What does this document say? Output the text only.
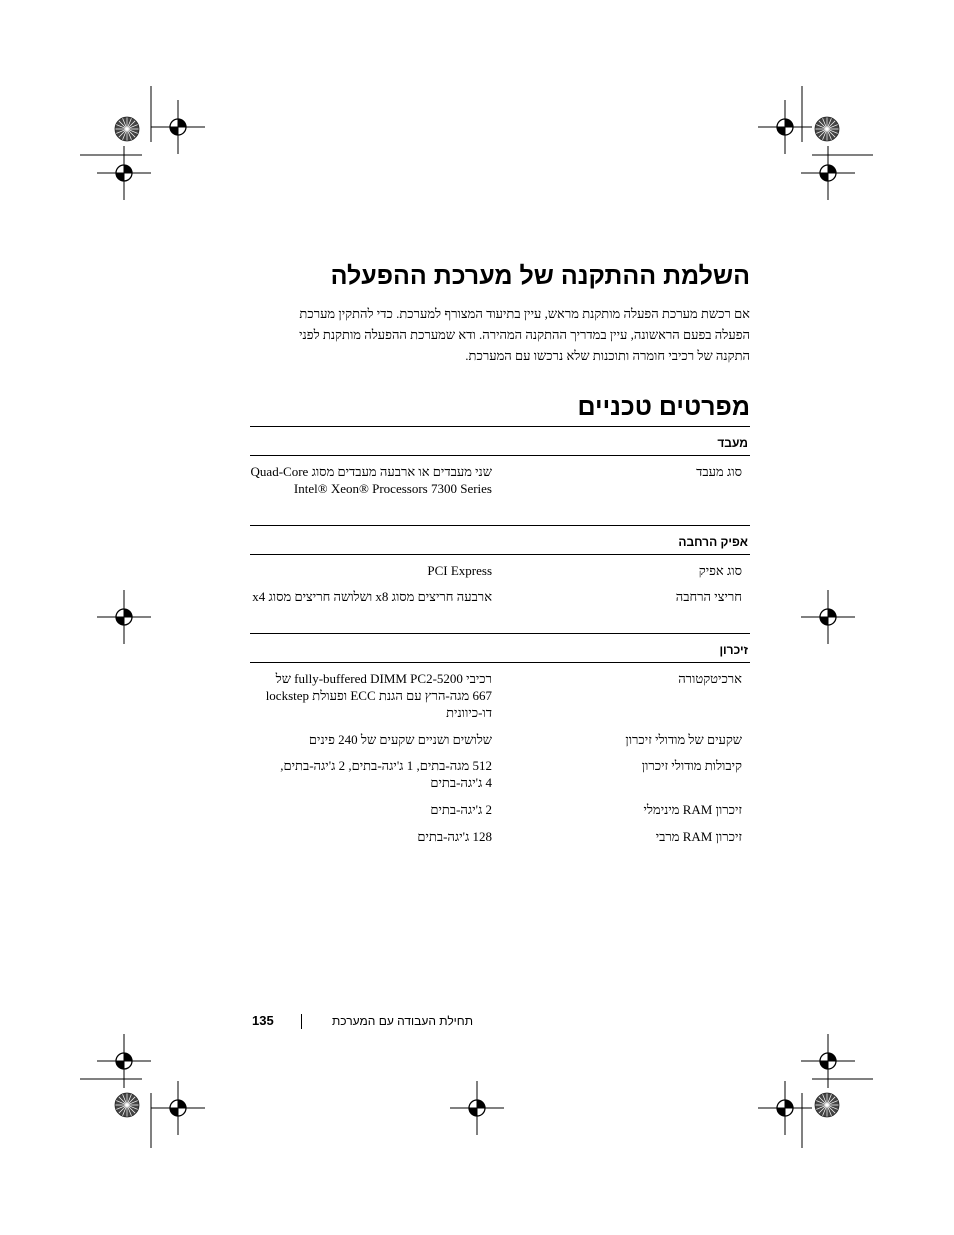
השלמת ההתקנה של מערכת ההפעלה

אם רכשת מערכת הפעלה מותקנת מראש, עיין בתיעוד המצורף למערכת. כדי להתקין מערכת
הפעלה בפעם הראשונה, עיין במדריך ההתקנה המהירה. ודא שמערכת ההפעלה מותקנת לפני
התקנה של רכיבי חומרה ותוכנות שלא נרכשו עם המערכת.

מפרטים טכניים
מעבד
סוג מעבד
שני מעבדים או ארבעה מעבדים מסוג Quad-Core
Intel® Xeon® Processors 7300 Series
אפיק הרחבה
סוג אפיק
PCI Express
חריצי הרחבה
ארבעה חריצים מסוג x8 ושלושה חריצים מסוג x4
זיכרון
ארכיטקטורה
רכיבי fully-buffered DIMM PC2-5200 של
667 מגה-הרץ עם הגנת ECC ופעולת lockstep
דו-כיוונית
שקעים של מודולי זיכרון
שלושים ושניים שקעים של 240 פינים
קיבולות מודולי זיכרון
512 מגה-בתים, 1 ג'יגה-בתים, 2 ג'יגה-בתים,
4 ג'יגה-בתים
זיכרון RAM מינימלי
2 ג'יגה-בתים
זיכרון RAM מרבי
128 ג'יגה-בתים
135	תחילת העבודה עם המערכת
